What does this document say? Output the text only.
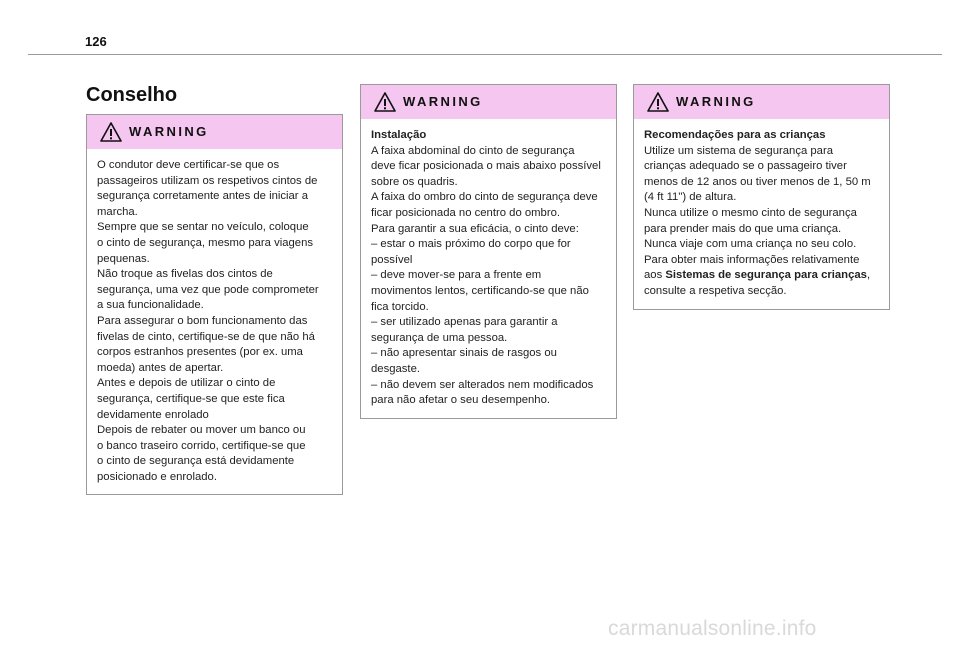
126
Conselho
WARNING

O condutor deve certificar-se que os

passageiros utilizam os respetivos cintos de

segurança corretamente antes de iniciar a

marcha.

Sempre que se sentar no veículo, coloque

o cinto de segurança, mesmo para viagens

pequenas.

Não troque as fivelas dos cintos de

segurança, uma vez que pode comprometer

a sua funcionalidade.

Para assegurar o bom funcionamento das

fivelas de cinto, certifique-se de que não há

corpos estranhos presentes (por ex. uma

moeda) antes de apertar.

Antes e depois de utilizar o cinto de

segurança, certifique-se que este fica

devidamente enrolado

Depois de rebater ou mover um banco ou

o banco traseiro corrido, certifique-se que

o cinto de segurança está devidamente

posicionado e enrolado.

WARNING

Instalação

A faixa abdominal do cinto de segurança

deve ficar posicionada o mais abaixo possível

sobre os quadris.

A faixa do ombro do cinto de segurança deve

ficar posicionada no centro do ombro.

Para garantir a sua eficácia, o cinto deve:

– estar o mais próximo do corpo que for

possível

– deve mover-se para a frente em

movimentos lentos, certificando-se que não

fica torcido.

– ser utilizado apenas para garantir a

segurança de uma pessoa.

– não apresentar sinais de rasgos ou

desgaste.

– não devem ser alterados nem modificados

para não afetar o seu desempenho.

WARNING

Recomendações para as crianças

Utilize um sistema de segurança para

crianças adequado se o passageiro tiver

menos de 12 anos ou tiver menos de 1, 50 m

(4 ft 11") de altura.

Nunca utilize o mesmo cinto de segurança

para prender mais do que uma criança.

Nunca viaje com uma criança no seu colo.

Para obter mais informações relativamente

aos Sistemas de segurança para crianças,

consulte a respetiva secção.

carmanualsonline.info
